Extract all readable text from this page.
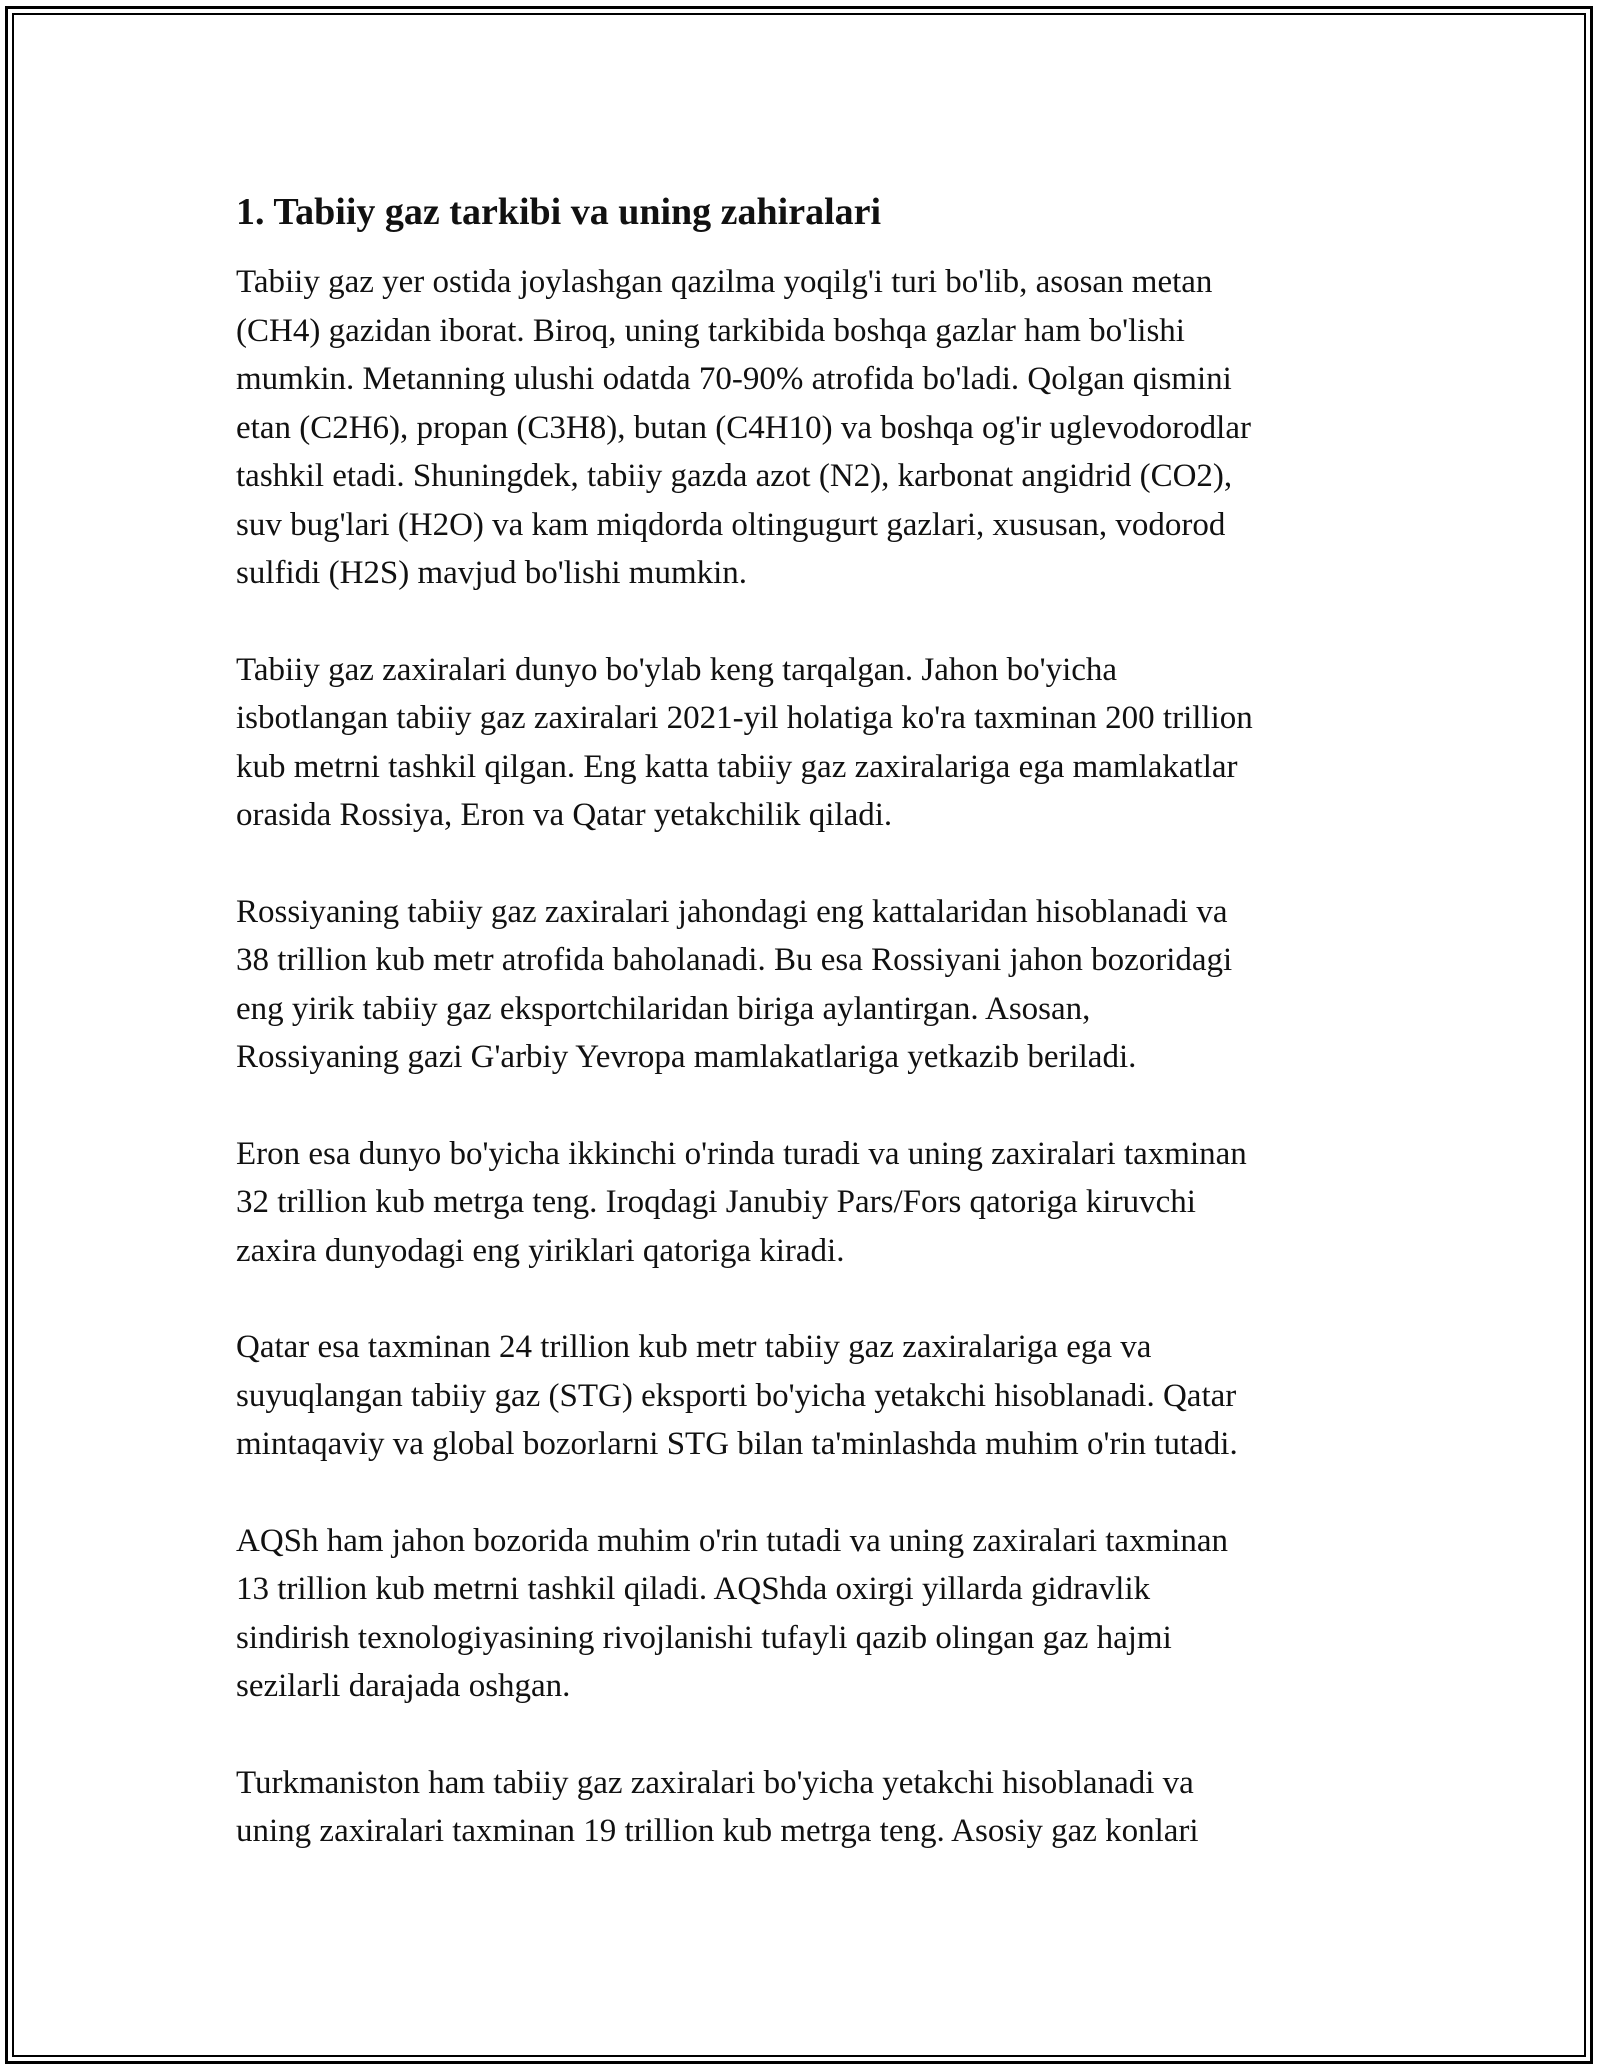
1. Tabiiy gaz tarkibi va uning zahiralari

Tabiiy gaz yer ostida joylashgan qazilma yoqilg'i turi bo'lib, asosan metan
(CH4) gazidan iborat. Biroq, uning tarkibida boshqa gazlar ham bo'lishi
mumkin. Metanning ulushi odatda 70-90% atrofida bo'ladi. Qolgan qismini
etan (C2H6), propan (C3H8), butan (C4H10) va boshqa og'ir uglevodorodlar
tashkil etadi. Shuningdek, tabiiy gazda azot (N2), karbonat angidrid (CO2),
suv bug'lari (H2O) va kam miqdorda oltingugurt gazlari, xususan, vodorod
sulfidi (H2S) mavjud bo'lishi mumkin.

Tabiiy gaz zaxiralari dunyo bo'ylab keng tarqalgan. Jahon bo'yicha
isbotlangan tabiiy gaz zaxiralari 2021-yil holatiga ko'ra taxminan 200 trillion
kub metrni tashkil qilgan. Eng katta tabiiy gaz zaxiralariga ega mamlakatlar
orasida Rossiya, Eron va Qatar yetakchilik qiladi.

Rossiyaning tabiiy gaz zaxiralari jahondagi eng kattalaridan hisoblanadi va
38 trillion kub metr atrofida baholanadi. Bu esa Rossiyani jahon bozoridagi
eng yirik tabiiy gaz eksportchilaridan biriga aylantirgan. Asosan,
Rossiyaning gazi G'arbiy Yevropa mamlakatlariga yetkazib beriladi.

Eron esa dunyo bo'yicha ikkinchi o'rinda turadi va uning zaxiralari taxminan
32 trillion kub metrga teng. Iroqdagi Janubiy Pars/Fors qatoriga kiruvchi
zaxira dunyodagi eng yiriklari qatoriga kiradi.

Qatar esa taxminan 24 trillion kub metr tabiiy gaz zaxiralariga ega va
suyuqlangan tabiiy gaz (STG) eksporti bo'yicha yetakchi hisoblanadi. Qatar
mintaqaviy va global bozorlarni STG bilan ta'minlashda muhim o'rin tutadi.

AQSh ham jahon bozorida muhim o'rin tutadi va uning zaxiralari taxminan
13 trillion kub metrni tashkil qiladi. AQShda oxirgi yillarda gidravlik
sindirish texnologiyasining rivojlanishi tufayli qazib olingan gaz hajmi
sezilarli darajada oshgan.

Turkmaniston ham tabiiy gaz zaxiralari bo'yicha yetakchi hisoblanadi va
uning zaxiralari taxminan 19 trillion kub metrga teng. Asosiy gaz konlari
